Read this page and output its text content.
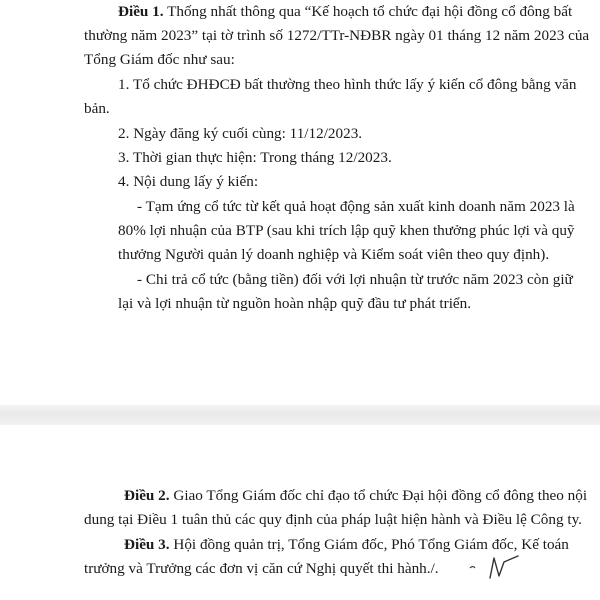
Điều 1. Thống nhất thông qua “Kế hoạch tổ chức đại hội đồng cổ đông bất
thường năm 2023” tại tờ trình số 1272/TTr-NĐBR ngày 01 tháng 12 năm 2023 của
Tổng Giám đốc như sau:
1. Tổ chức ĐHĐCĐ bất thường theo hình thức lấy ý kiến cổ đông bằng văn
bản.
2. Ngày đăng ký cuối cùng: 11/12/2023.
3. Thời gian thực hiện: Trong tháng 12/2023.
4. Nội dung lấy ý kiến:
- Tạm ứng cổ tức từ kết quả hoạt động sản xuất kinh doanh năm 2023 là
80% lợi nhuận của BTP (sau khi trích lập quỹ khen thưởng phúc lợi và quỹ
thưởng Người quản lý doanh nghiệp và Kiểm soát viên theo quy định).
- Chi trả cổ tức (bằng tiền) đối với lợi nhuận từ trước năm 2023 còn giữ
lại và lợi nhuận từ nguồn hoàn nhập quỹ đầu tư phát triển.
Điều 2. Giao Tổng Giám đốc chỉ đạo tổ chức Đại hội đồng cổ đông theo nội
dung tại Điều 1 tuân thủ các quy định của pháp luật hiện hành và Điều lệ Công ty.
Điều 3. Hội đồng quản trị, Tổng Giám đốc, Phó Tổng Giám đốc, Kế toán
trưởng và Trưởng các đơn vị căn cứ Nghị quyết thi hành./.
